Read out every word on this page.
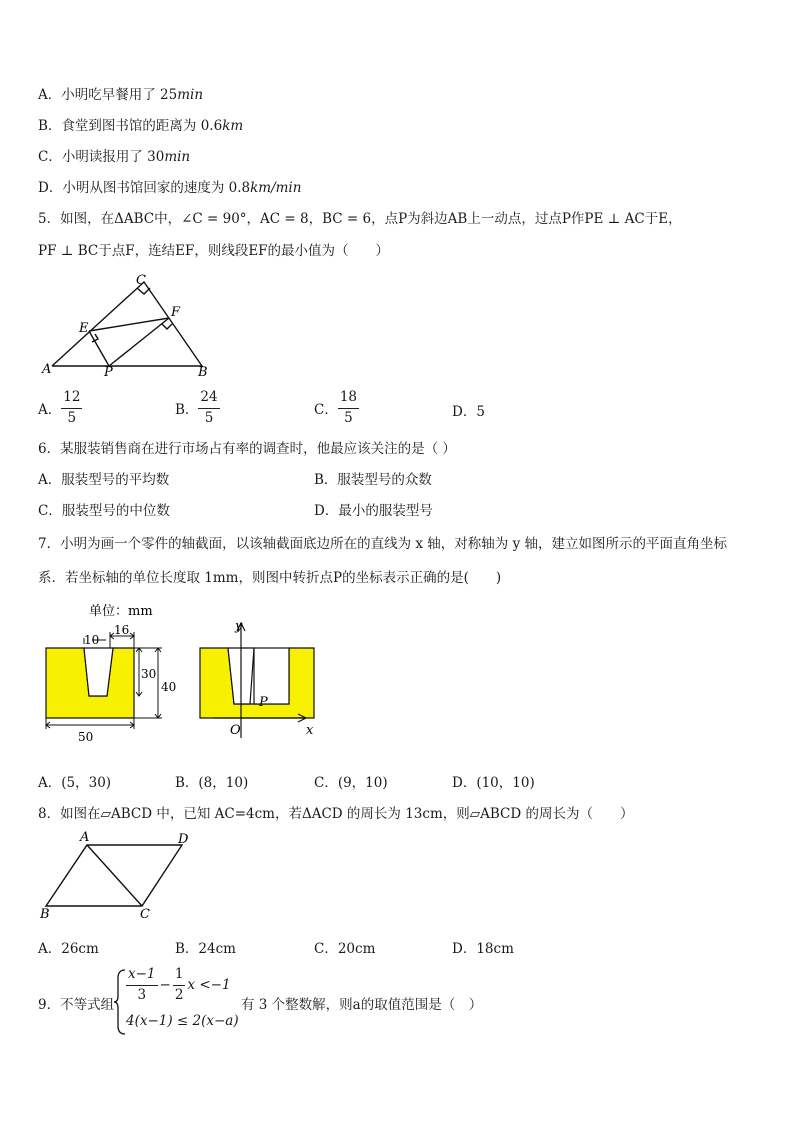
A．小明吃早餐用了 25min
B．食堂到图书馆的距离为 0.6km
C．小明读报用了 30min
D．小明从图书馆回家的速度为 0.8km/min
5．如图，在ΔABC中，∠C = 90°，AC = 8，BC = 6，点P为斜边AB上一动点，过点P作PE ⊥ AC于E，
PF ⊥ BC于点F，连结EF，则线段EF的最小值为（　　）
C
E
F
A	P	B
A． $\frac{12}{5}$	B． $\frac{24}{5}$	C． $\frac{18}{5}$	D．5
6．某服装销售商在进行市场占有率的调查时，他最应该关注的是（ ）
A．服装型号的平均数	B．服装型号的众数
C．服装型号的中位数	D．最小的服装型号
7．小明为画一个零件的轴截面，以该轴截面底边所在的直线为 x 轴，对称轴为 y 轴，建立如图所示的平面直角坐标
系．若坐标轴的单位长度取 1mm，则图中转折点P的坐标表示正确的是(　　)
单位：mm
10
16
30
40
50
y
x
O
P
A．(5，30)	B．(8，10)	C．(9，10)	D．(10，10)
8．如图在▱ABCD 中，已知 AC=4cm，若ΔACD 的周长为 13cm，则▱ABCD 的周长为（　　）
A	D
B	C
A．26cm	B．24cm	C．20cm	D．18cm
9．不等式组
$\frac{x-1}{3} - \frac{1}{2}$ x <−1
4(x−1) ≤ 2(x−a)
有 3 个整数解，则a的取值范围是（　）
